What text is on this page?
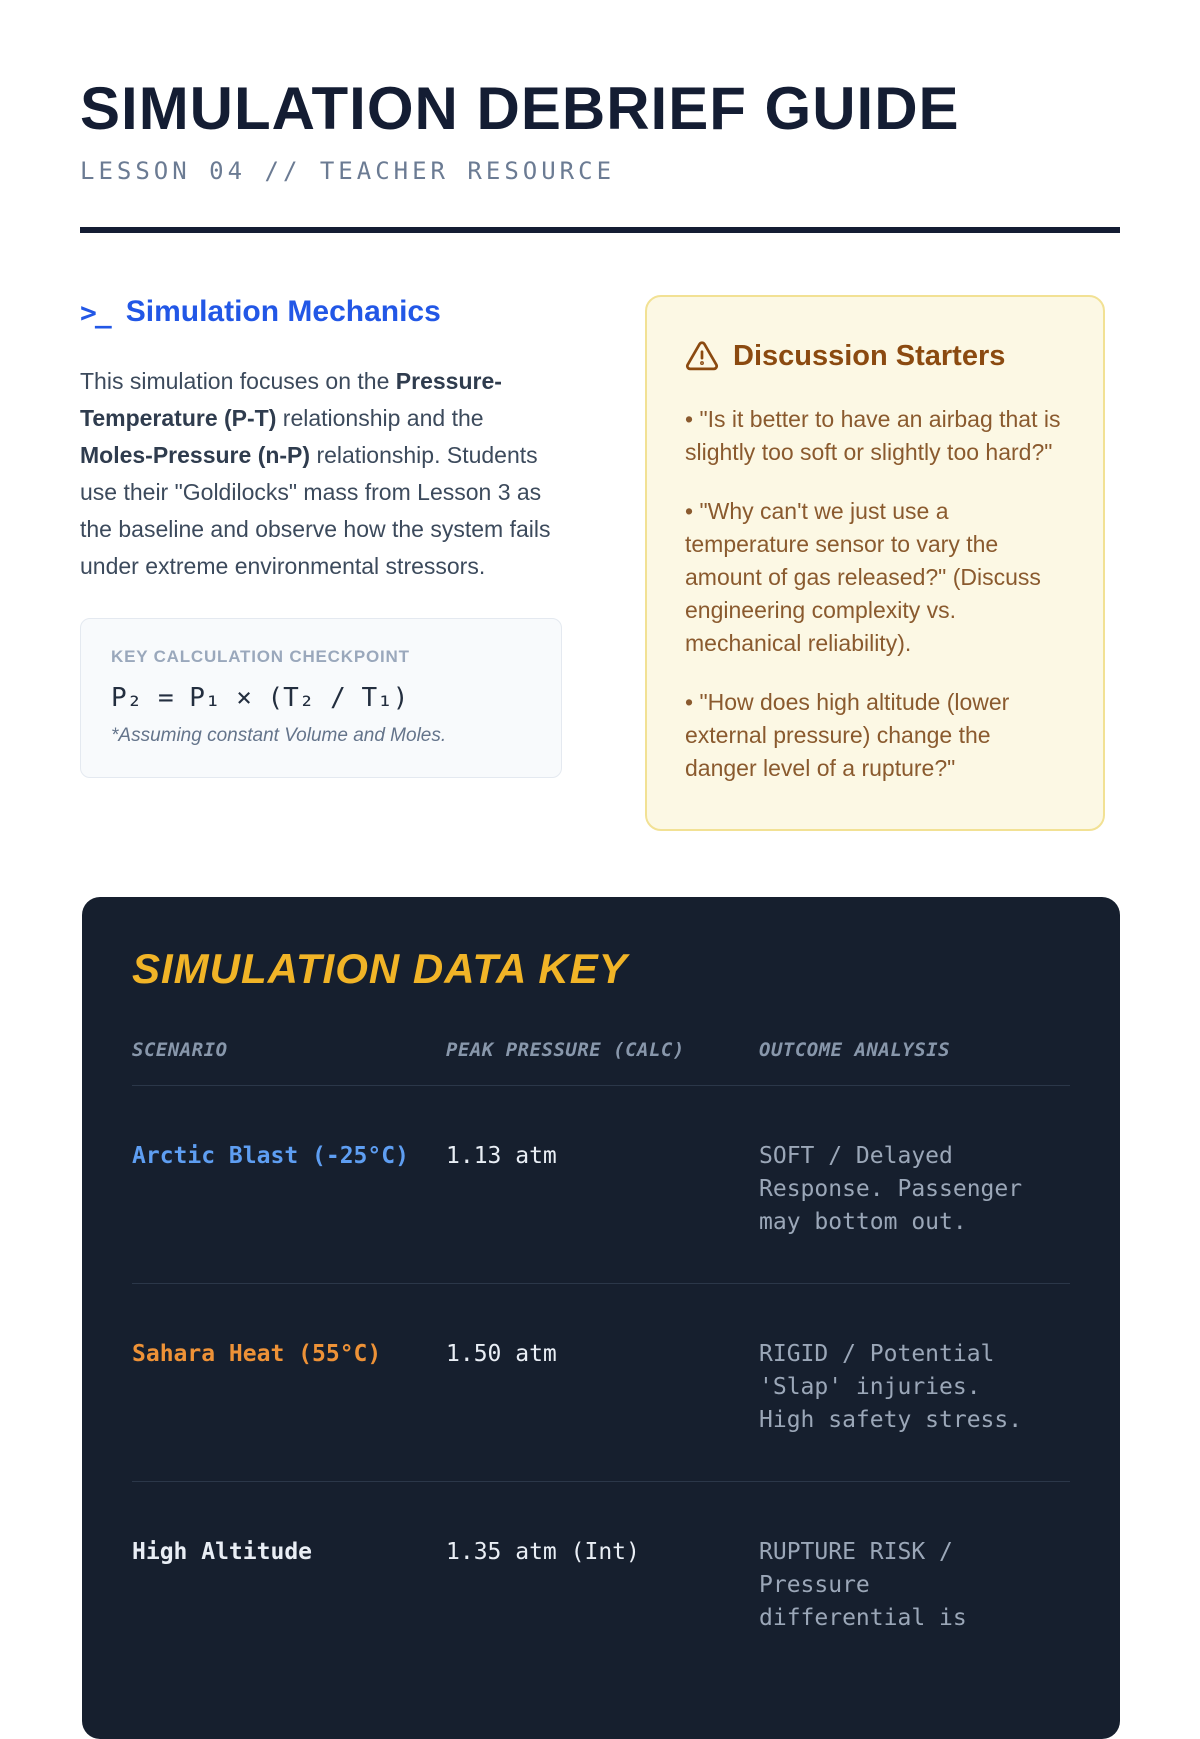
SIMULATION DEBRIEF GUIDE
LESSON 04 // TEACHER RESOURCE
>_ Simulation Mechanics

This simulation focuses on the Pressure-Temperature (P-T) relationship and the Moles-Pressure (n-P) relationship. Students use their "Goldilocks" mass from Lesson 3 as the baseline and observe how the system fails under extreme environmental stressors.

KEY CALCULATION CHECKPOINT
P₂ = P₁ × (T₂ / T₁)
*Assuming constant Volume and Moles.
Discussion Starters
• "Is it better to have an airbag that is slightly too soft or slightly too hard?"
• "Why can't we just use a temperature sensor to vary the amount of gas released?" (Discuss engineering complexity vs. mechanical reliability).
• "How does high altitude (lower external pressure) change the danger level of a rupture?"
SIMULATION DATA KEY
SCENARIO	PEAK PRESSURE (CALC)	OUTCOME ANALYSIS
Arctic Blast (-25°C)	1.13 atm	SOFT / Delayed Response. Passenger may bottom out.
Sahara Heat (55°C)	1.50 atm	RIGID / Potential 'Slap' injuries. High safety stress.
High Altitude	1.35 atm (Int)	RUPTURE RISK / Pressure differential is
